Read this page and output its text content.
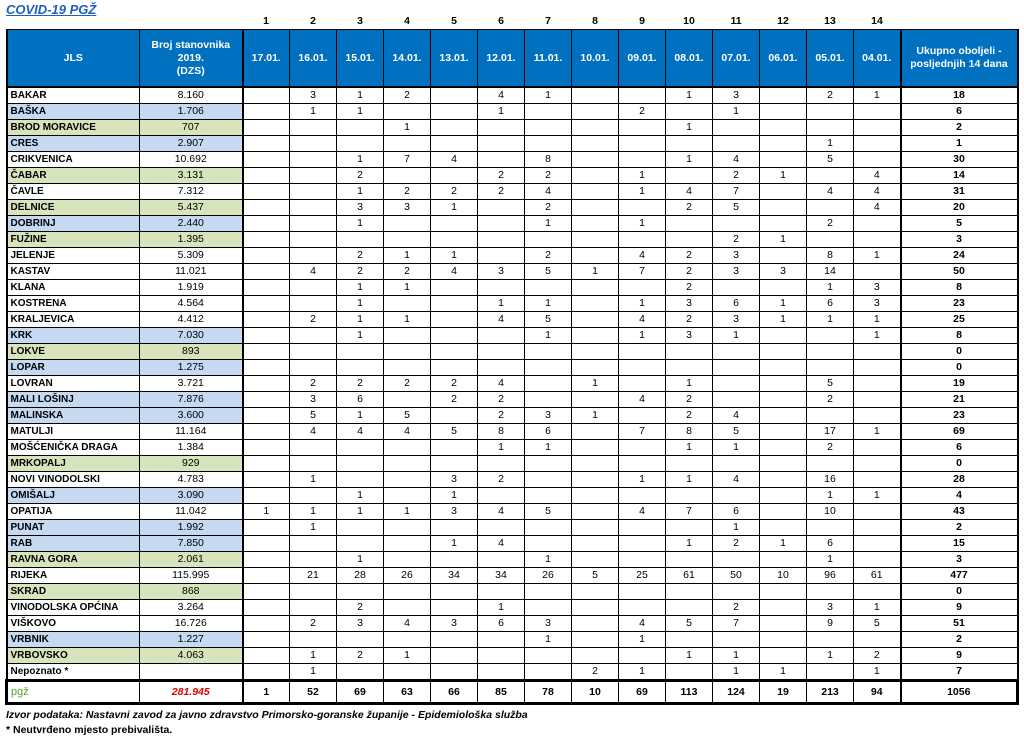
COVID-19 PGŽ
		1	2	3	4	5	6	7	8	9	10	11	12	13	14	
JLS	Broj stanovnika
2019.
(DZS)	17.01.	16.01.	15.01.	14.01.	13.01.	12.01.	11.01.	10.01.	09.01.	08.01.	07.01.	06.01.	05.01.	04.01.	Ukupno oboljeli -
posljednjih 14 dana
BAKAR	8.160		3	1	2		4	1			1	3		2	1	18
BAŠKA	1.706		1	1			1			2		1				6
BROD MORAVICE	707				1						1					2
CRES	2.907													1		1
CRIKVENICA	10.692			1	7	4		8			1	4		5		30
ČABAR	3.131			2			2	2		1		2	1		4	14
ČAVLE	7.312			1	2	2	2	4		1	4	7		4	4	31
DELNICE	5.437			3	3	1		2			2	5			4	20
DOBRINJ	2.440			1				1		1				2		5
FUŽINE	1.395											2	1			3
JELENJE	5.309			2	1	1		2		4	2	3		8	1	24
KASTAV	11.021		4	2	2	4	3	5	1	7	2	3	3	14		50
KLANA	1.919			1	1						2			1	3	8
KOSTRENA	4.564			1			1	1		1	3	6	1	6	3	23
KRALJEVICA	4.412		2	1	1		4	5		4	2	3	1	1	1	25
KRK	7.030			1				1		1	3	1			1	8
LOKVE	893															0
LOPAR	1.275															0
LOVRAN	3.721		2	2	2	2	4		1		1			5		19
MALI LOŠINJ	7.876		3	6		2	2			4	2			2		21
MALINSKA	3.600		5	1	5		2	3	1		2	4				23
MATULJI	11.164		4	4	4	5	8	6		7	8	5		17	1	69
MOŠĆENIČKA DRAGA	1.384						1	1			1	1		2		6
MRKOPALJ	929															0
NOVI VINODOLSKI	4.783		1			3	2			1	1	4		16		28
OMIŠALJ	3.090			1		1								1	1	4
OPATIJA	11.042	1	1	1	1	3	4	5		4	7	6		10		43
PUNAT	1.992		1									1				2
RAB	7.850					1	4				1	2	1	6		15
RAVNA GORA	2.061			1				1						1		3
RIJEKA	115.995		21	28	26	34	34	26	5	25	61	50	10	96	61	477
SKRAD	868															0
VINODOLSKA OPĆINA	3.264			2			1					2		3	1	9
VIŠKOVO	16.726		2	3	4	3	6	3		4	5	7		9	5	51
VRBNIK	1.227							1		1						2
VRBOVSKO	4.063		1	2	1						1	1		1	2	9
Nepoznato *			1						2	1		1	1		1	7
pgž	281.945	1	52	69	63	66	85	78	10	69	113	124	19	213	94	1056
Izvor podataka: Nastavni zavod za javno zdravstvo Primorsko-goranske županije - Epidemiološka služba
* Neutvrđeno mjesto prebivališta.
